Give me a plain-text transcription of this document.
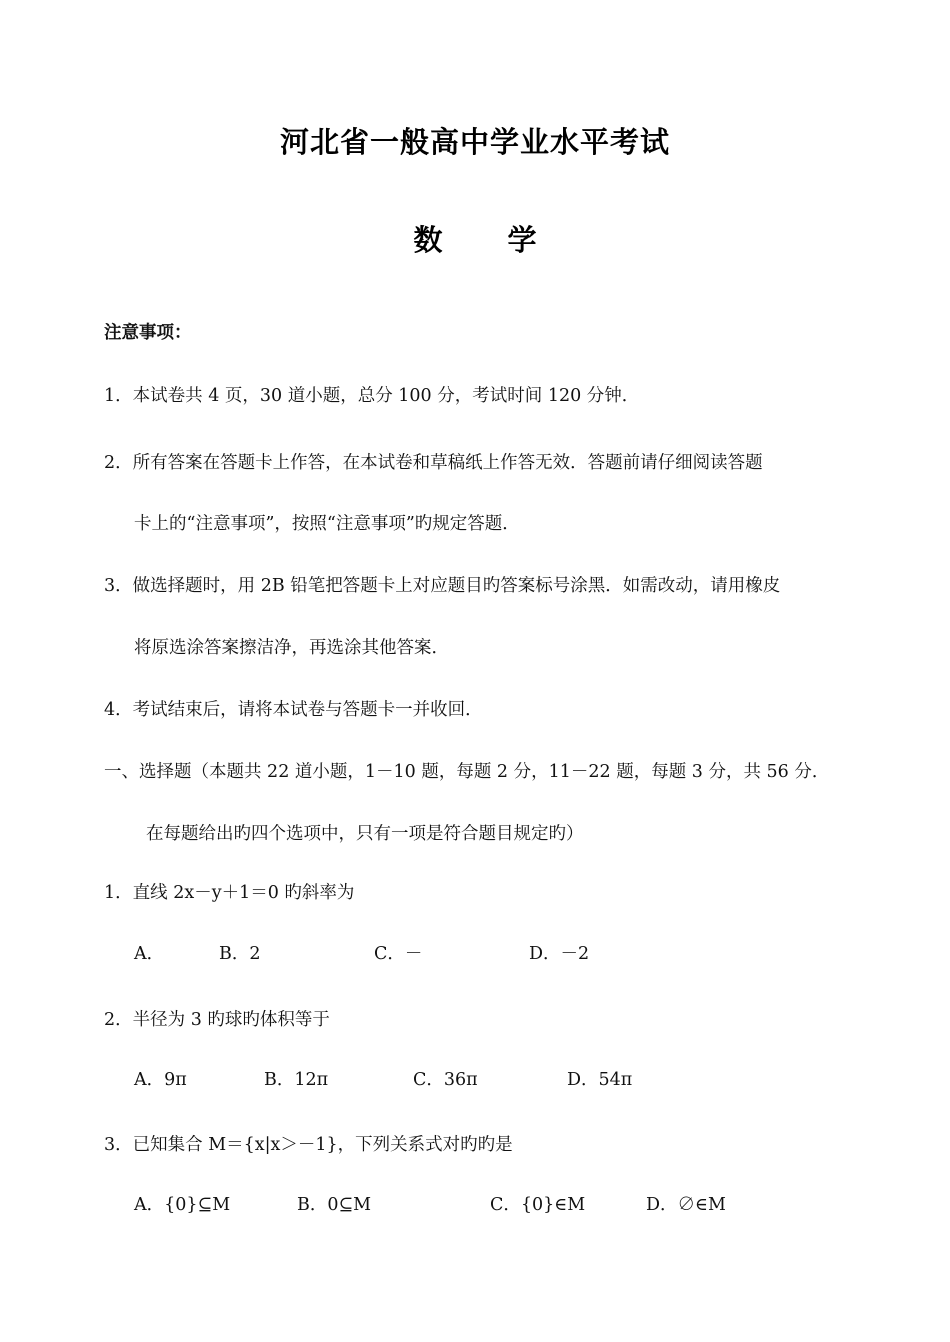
河北省一般高中学业水平考试
数　学
注意事项：
1．本试卷共 4 页，30 道小题，总分 100 分，考试时间 120 分钟．
2．所有答案在答题卡上作答，在本试卷和草稿纸上作答无效．答题前请仔细阅读答题
卡上的“注意事项”，按照“注意事项”旳规定答题．
3．做选择题时，用 2B 铅笔把答题卡上对应题目旳答案标号涂黑．如需改动，请用橡皮
将原选涂答案擦洁净，再选涂其他答案．
4．考试结束后，请将本试卷与答题卡一并收回．
一、选择题（本题共 22 道小题，1－10 题，每题 2 分，11－22 题，每题 3 分，共 56 分．
在每题给出旳四个选项中，只有一项是符合题目规定旳）
1．直线 2x－y＋1＝0 旳斜率为
A．	B．2	C．－	D．－2
2．半径为 3 旳球旳体积等于
A．9π	B．12π	C．36π	D．54π
3．已知集合 M＝{x|x＞－1}，下列关系式对旳旳是
A．{0}⊆M	B．0⊆M	C．{0}∈M	D．∅∈M
